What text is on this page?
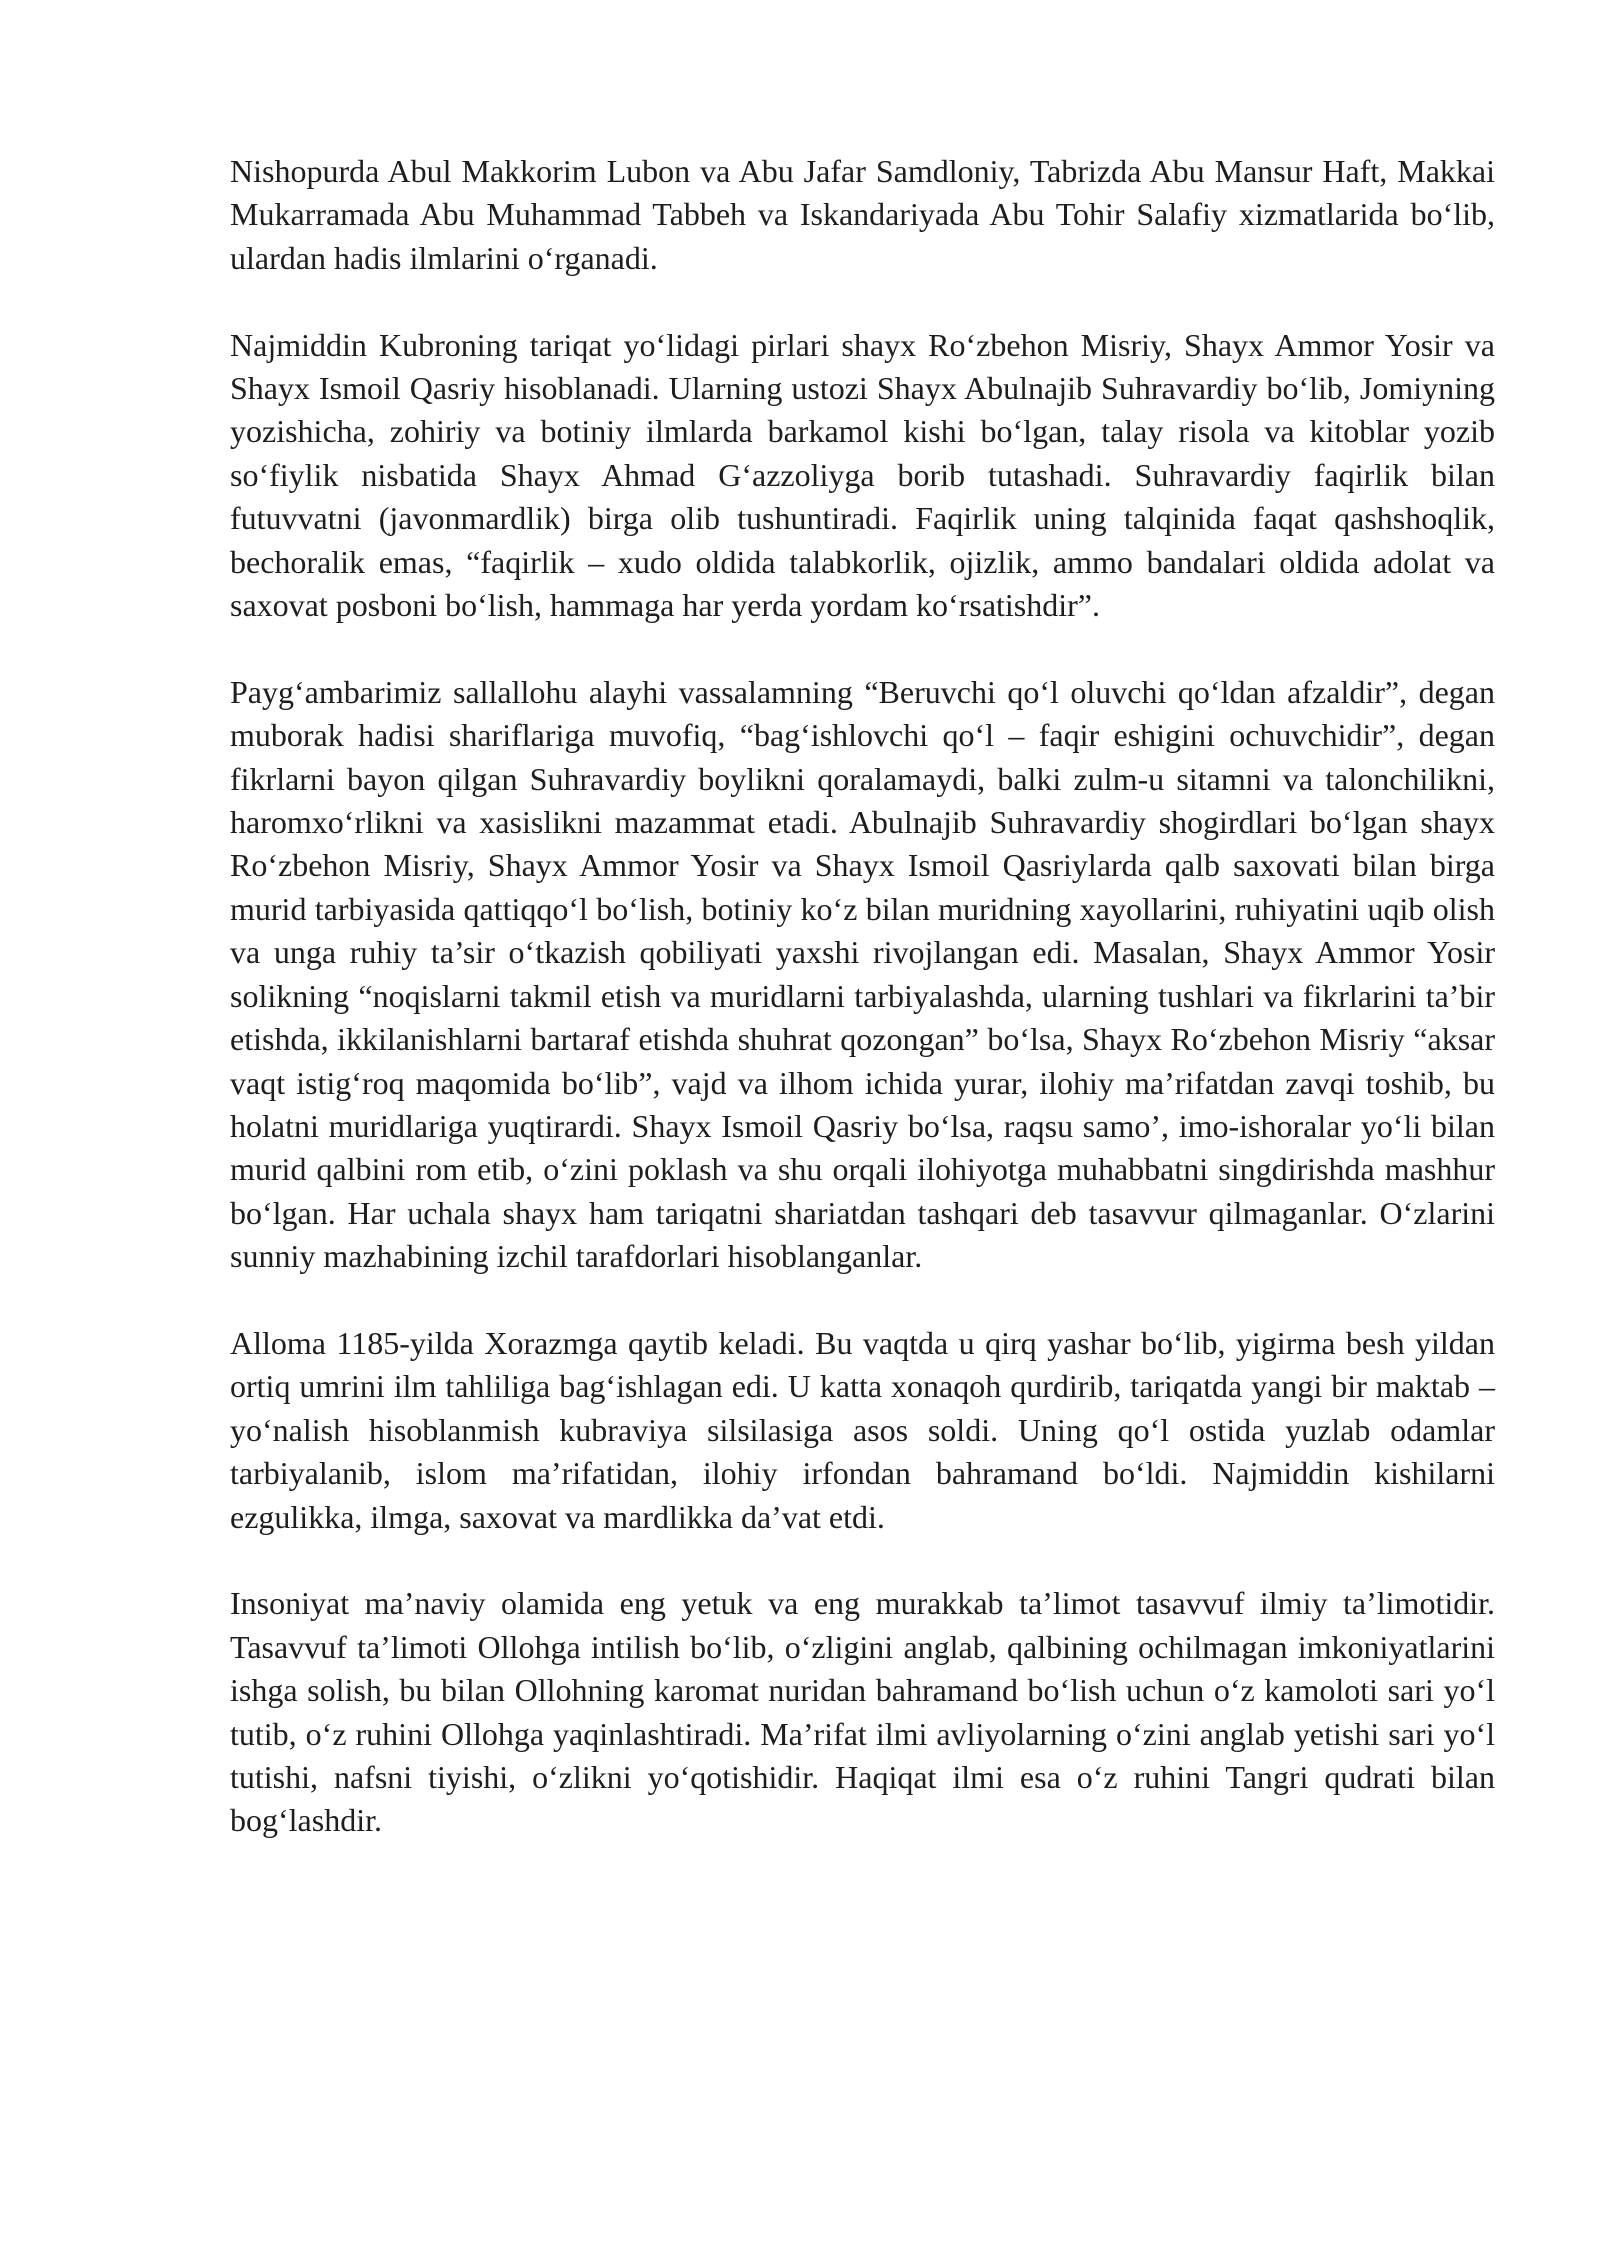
Nishopurda Abul Makkorim Lubon va Abu Jafar Samdloniy, Tabrizda Abu Mansur Haft, Makkai Mukarramada Abu Muhammad Tabbeh va Iskandariyada Abu Tohir Salafiy xizmatlarida bo‘lib, ulardan hadis ilmlarini o‘rganadi.

Najmiddin Kubroning tariqat yo‘lidagi pirlari shayx Ro‘zbehon Misriy, Shayx Ammor Yosir va Shayx Ismoil Qasriy hisoblanadi. Ularning ustozi Shayx Abulnajib Suhravardiy bo‘lib, Jomiyning yozishicha, zohiriy va botiniy ilmlarda barkamol kishi bo‘lgan, talay risola va kitoblar yozib so‘fiylik nisbatida Shayx Ahmad G‘azzoliyga borib tutashadi. Suhravardiy faqirlik bilan futuvvatni (javonmardlik) birga olib tushuntiradi. Faqirlik uning talqinida faqat qashshoqlik, bechoralik emas, “faqirlik – xudo oldida talabkorlik, ojizlik, ammo bandalari oldida adolat va saxovat posboni bo‘lish, hammaga har yerda yordam ko‘rsatishdir”.

Payg‘ambarimiz sallallohu alayhi vassalamning “Beruvchi qo‘l oluvchi qo‘ldan afzaldir”, degan muborak hadisi shariflariga muvofiq, “bag‘ishlovchi qo‘l – faqir eshigini ochuvchidir”, degan fikrlarni bayon qilgan Suhravardiy boylikni qoralamaydi, balki zulm-u sitamni va talonchilikni, haromxo‘rlikni va xasislikni mazammat etadi. Abulnajib Suhravardiy shogirdlari bo‘lgan shayx Ro‘zbehon Misriy, Shayx Ammor Yosir va Shayx Ismoil Qasriylarda qalb saxovati bilan birga murid tarbiyasida qattiqqo‘l bo‘lish, botiniy ko‘z bilan muridning xayollarini, ruhiyatini uqib olish va unga ruhiy ta’sir o‘tkazish qobiliyati yaxshi rivojlangan edi. Masalan, Shayx Ammor Yosir solikning “noqislarni takmil etish va muridlarni tarbiyalashda, ularning tushlari va fikrlarini ta’bir etishda, ikkilanishlarni bartaraf etishda shuhrat qozongan” bo‘lsa, Shayx Ro‘zbehon Misriy “aksar vaqt istig‘roq maqomida bo‘lib”, vajd va ilhom ichida yurar, ilohiy ma’rifatdan zavqi toshib, bu holatni muridlariga yuqtirardi. Shayx Ismoil Qasriy bo‘lsa, raqsu samo’, imo-ishoralar yo‘li bilan murid qalbini rom etib, o‘zini poklash va shu orqali ilohiyotga muhabbatni singdirishda mashhur bo‘lgan. Har uchala shayx ham tariqatni shariatdan tashqari deb tasavvur qilmaganlar. O‘zlarini sunniy mazhabining izchil tarafdorlari hisoblanganlar.

Alloma 1185-yilda Xorazmga qaytib keladi. Bu vaqtda u qirq yashar bo‘lib, yigirma besh yildan ortiq umrini ilm tahliliga bag‘ishlagan edi. U katta xonaqoh qurdirib, tariqatda yangi bir maktab – yo‘nalish hisoblanmish kubraviya silsilasiga asos soldi. Uning qo‘l ostida yuzlab odamlar tarbiyalanib, islom ma’rifatidan, ilohiy irfondan bahramand bo‘ldi. Najmiddin kishilarni ezgulikka, ilmga, saxovat va mardlikka da’vat etdi.

Insoniyat ma’naviy olamida eng yetuk va eng murakkab ta’limot tasavvuf ilmiy ta’limotidir. Tasavvuf ta’limoti Ollohga intilish bo‘lib, o‘zligini anglab, qalbining ochilmagan imkoniyatlarini ishga solish, bu bilan Ollohning karomat nuridan bahramand bo‘lish uchun o‘z kamoloti sari yo‘l tutib, o‘z ruhini Ollohga yaqinlashtiradi. Ma’rifat ilmi avliyolarning o‘zini anglab yetishi sari yo‘l tutishi, nafsni tiyishi, o‘zlikni yo‘qotishidir. Haqiqat ilmi esa o‘z ruhini Tangri qudrati bilan bog‘lashdir.
